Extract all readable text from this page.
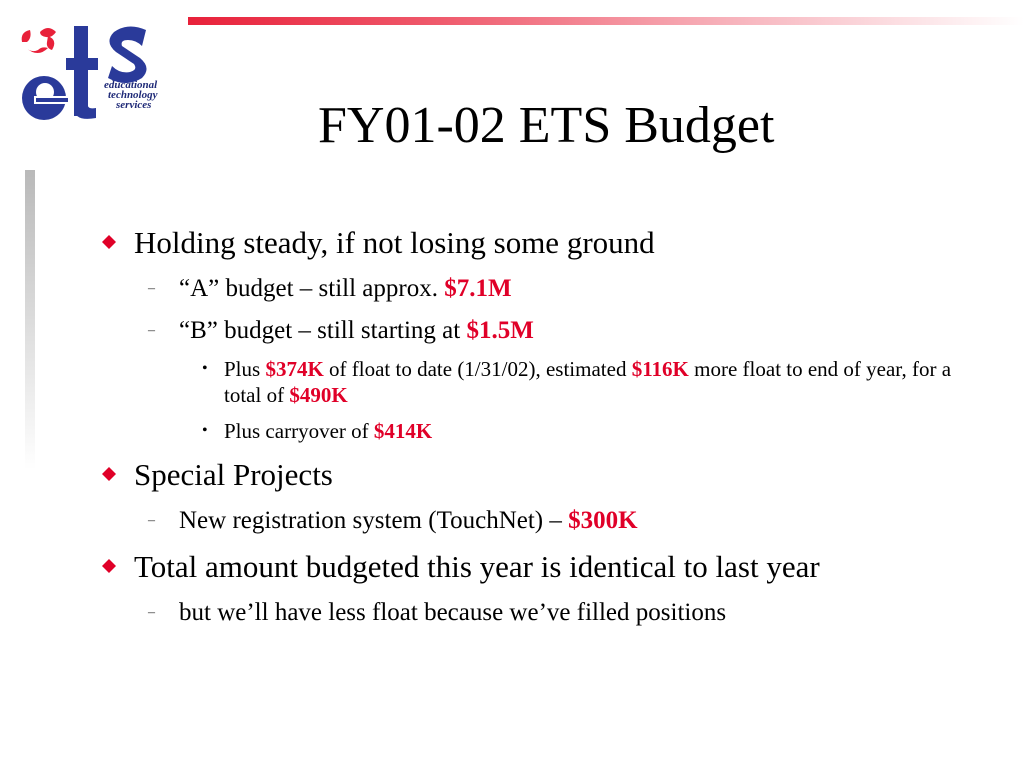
educational
technology
services	FY01-02 ETS Budget
Holding steady, if not losing some ground
– “A” budget – still approx. $7.1M
– “B” budget – still starting at $1.5M
• Plus $374K of float to date (1/31/02), estimated $116K more float to end of year, for a total of $490K
• Plus carryover of $414K
Special Projects
– New registration system (TouchNet) – $300K
Total amount budgeted this year is identical to last year
– but we’ll have less float because we’ve filled positions
